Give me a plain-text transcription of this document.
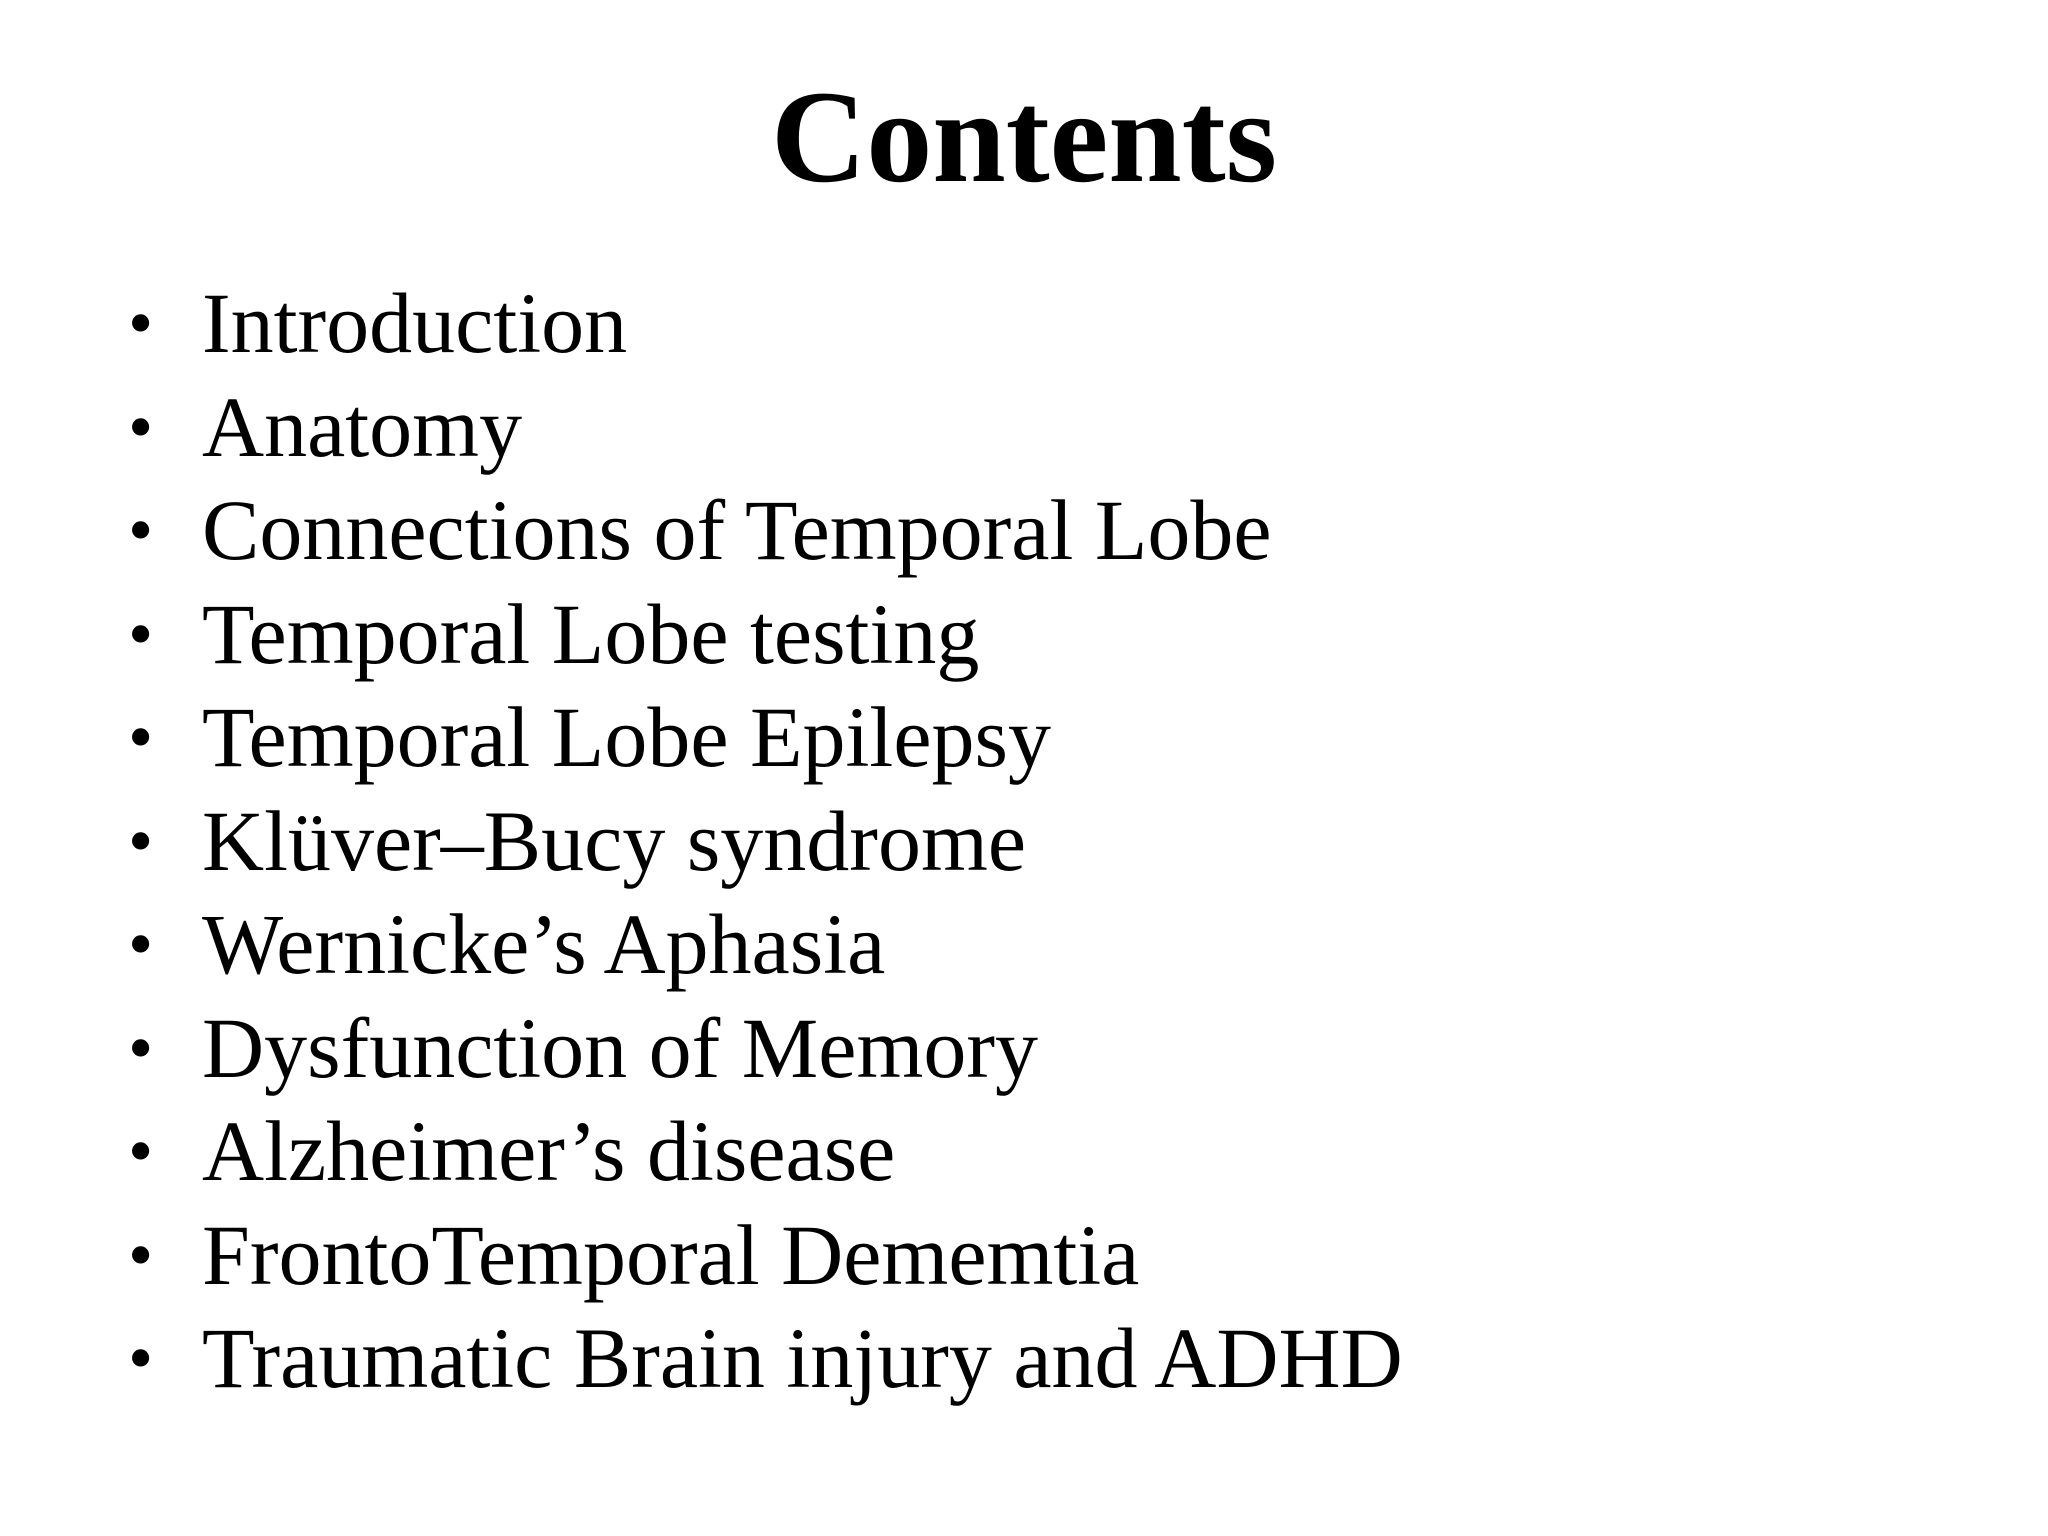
Contents
• Introduction
• Anatomy
• Connections of Temporal Lobe
• Temporal Lobe testing
• Temporal Lobe Epilepsy
• Klüver–Bucy syndrome
• Wernicke’s Aphasia
• Dysfunction of Memory
• Alzheimer’s disease
• FrontoTemporal Dememtia
• Traumatic Brain injury and ADHD
